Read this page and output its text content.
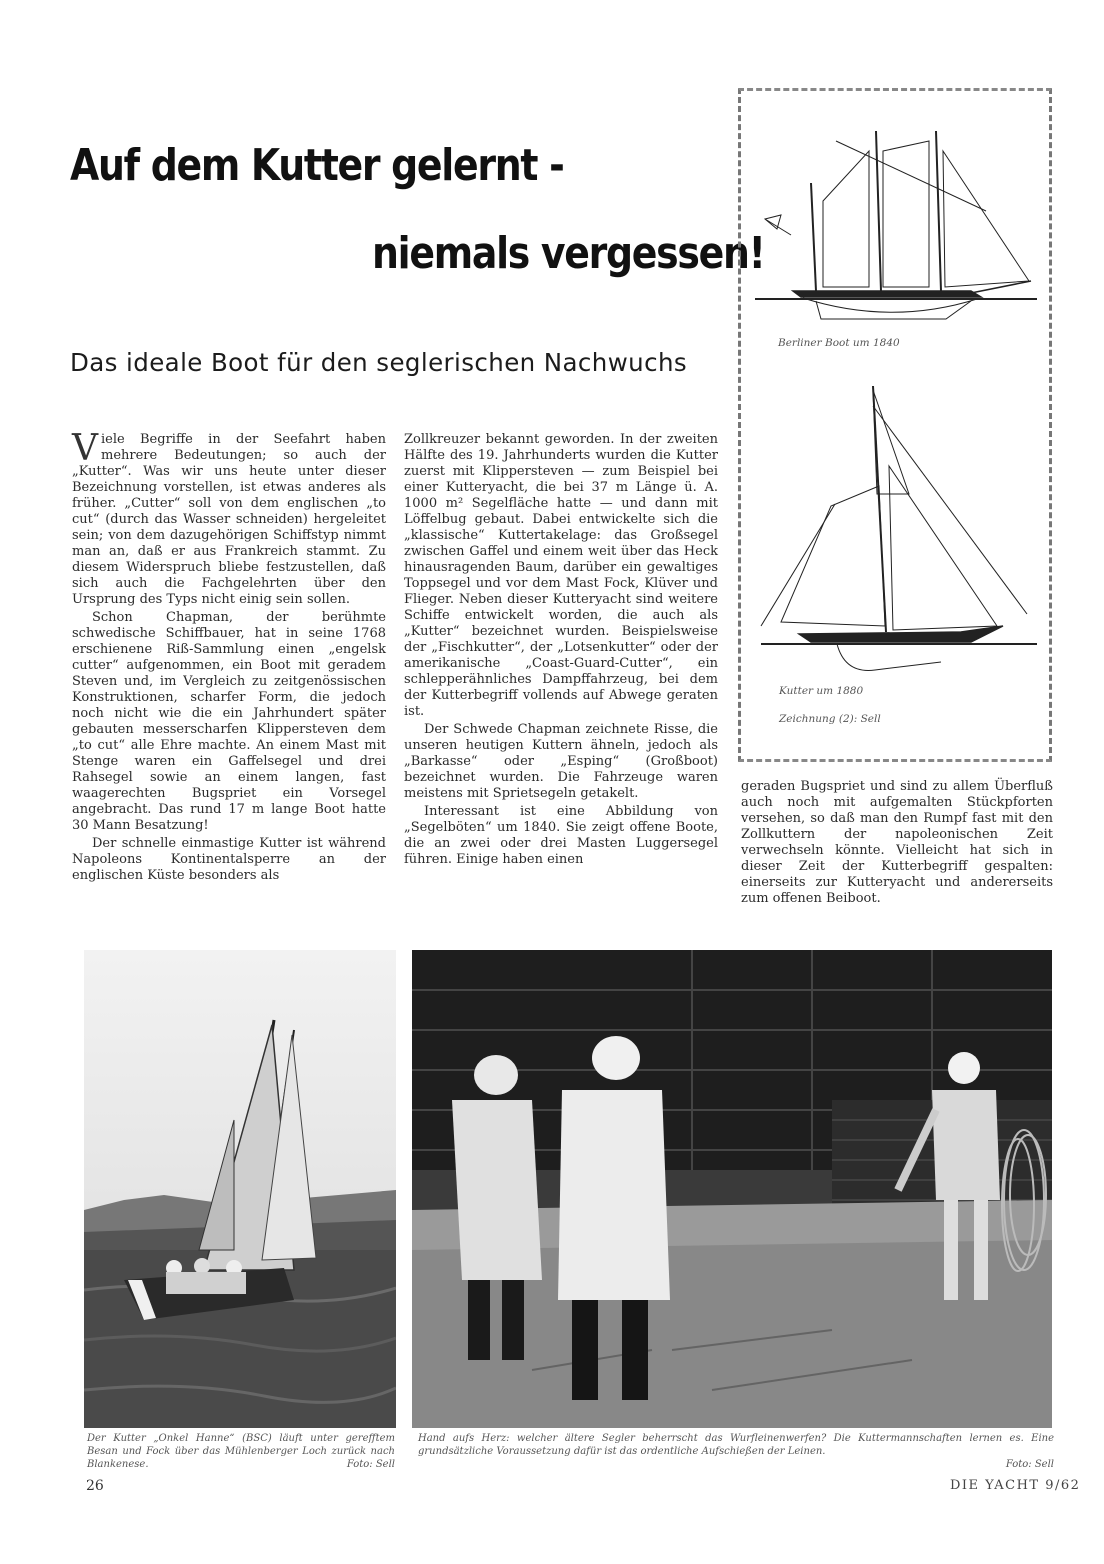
Auf dem Kutter gelernt -
niemals vergessen!
Das ideale Boot für den seglerischen Nachwuchs

Viele Begriffe in der Seefahrt haben mehrere Bedeutungen; so auch der „Kutter“. Was wir uns heute unter dieser Bezeichnung vorstellen, ist etwas anderes als früher. „Cutter“ soll von dem englischen „to cut“ (durch das Wasser schneiden) hergeleitet sein; von dem dazugehörigen Schiffstyp nimmt man an, daß er aus Frankreich stammt. Zu diesem Widerspruch bliebe festzustellen, daß sich auch die Fachgelehrten über den Ursprung des Typs nicht einig sein sollen.

Schon Chapman, der berühmte schwedische Schiffbauer, hat in seine 1768 erschienene Riß-Sammlung einen „engelsk cutter“ aufgenommen, ein Boot mit geradem Steven und, im Vergleich zu zeitgenössischen Konstruktionen, scharfer Form, die jedoch noch nicht wie die ein Jahrhundert später gebauten messerscharfen Klippersteven dem „to cut“ alle Ehre machte. An einem Mast mit Stenge waren ein Gaffelsegel und drei Rahsegel sowie an einem langen, fast waagerechten Bugspriet ein Vorsegel angebracht. Das rund 17 m lange Boot hatte 30 Mann Besatzung!

Der schnelle einmastige Kutter ist während Napoleons Kontinentalsperre an der englischen Küste besonders als

Zollkreuzer bekannt geworden. In der zweiten Hälfte des 19. Jahrhunderts wurden die Kutter zuerst mit Klippersteven — zum Beispiel bei einer Kutteryacht, die bei 37 m Länge ü. A. 1000 m² Segelfläche hatte — und dann mit Löffelbug gebaut. Dabei entwickelte sich die „klassische“ Kuttertakelage: das Großsegel zwischen Gaffel und einem weit über das Heck hinausragenden Baum, darüber ein gewaltiges Toppsegel und vor dem Mast Fock, Klüver und Flieger. Neben dieser Kutteryacht sind weitere Schiffe entwickelt worden, die auch als „Kutter“ bezeichnet wurden. Beispielsweise der „Fischkutter“, der „Lotsenkutter“ oder der amerikanische „Coast-Guard-Cutter“, ein schlepperähnliches Dampffahrzeug, bei dem der Kutterbegriff vollends auf Abwege geraten ist.

Der Schwede Chapman zeichnete Risse, die unseren heutigen Kuttern ähneln, jedoch als „Barkasse“ oder „Esping“ (Großboot) bezeichnet wurden. Die Fahrzeuge waren meistens mit Sprietsegeln getakelt.

Interessant ist eine Abbildung von „Segelböten“ um 1840. Sie zeigt offene Boote, die an zwei oder drei Masten Luggersegel führen. Einige haben einen

geraden Bugspriet und sind zu allem Überfluß auch noch mit aufgemalten Stückpforten versehen, so daß man den Rumpf fast mit den Zollkuttern der napoleonischen Zeit verwechseln könnte. Vielleicht hat sich in dieser Zeit der Kutterbegriff gespalten: einerseits zur Kutteryacht und andererseits zum offenen Beiboot.

Berliner Boot um 1840
Kutter um 1880
Zeichnung (2): Sell
Der Kutter „Onkel Hanne“ (BSC) läuft unter gerefftem Besan und Fock über das Mühlenberger Loch zurück nach Blankenese.	Foto: Sell
Hand aufs Herz: welcher ältere Segler beherrscht das Wurfleinenwerfen? Die Kuttermannschaften lernen es. Eine grundsätzliche Voraussetzung dafür ist das ordentliche Aufschießen der Leinen.
Foto: Sell
26	DIE YACHT 9/62
